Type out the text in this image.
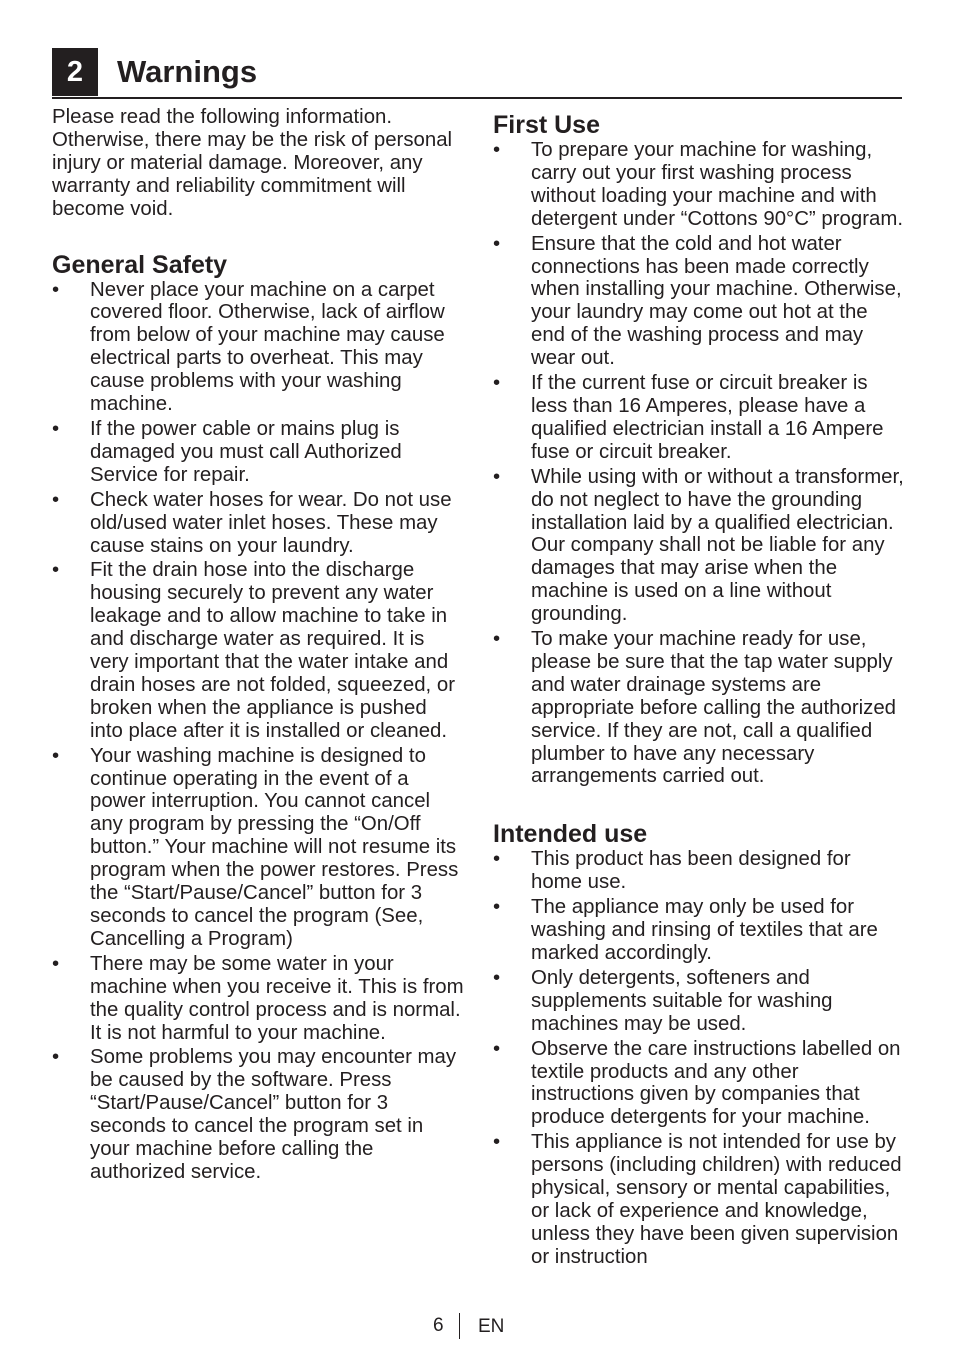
2	Warnings

Please read the following information. Otherwise, there may be the risk of personal injury or material damage. Moreover, any warranty and reliability commitment will become void.

General Safety
• Never place your machine on a carpet covered floor. Otherwise, lack of airflow from below of your machine may cause electrical parts to overheat. This may cause problems with your washing machine.
• If the power cable or mains plug is damaged you must call Authorized Service for repair.
• Check water hoses for wear. Do not use old/used water inlet hoses. These may cause stains on your laundry.
• Fit the drain hose into the discharge housing securely to prevent any water leakage and to allow machine to take in and discharge water as required. It is very important that the water intake and drain hoses are not folded, squeezed, or broken when the appliance is pushed into place after it is installed or cleaned.
• Your washing machine is designed to continue operating in the event of a power interruption. You cannot cancel any program by pressing the “On/Off button.” Your machine will not resume its program when the power restores. Press the “Start/Pause/Cancel” button for 3 seconds to cancel the program (See, Cancelling a Program)
• There may be some water in your machine when you receive it. This is from the quality control process and is normal. It is not harmful to your machine.
• Some problems you may encounter may be caused by the software. Press “Start/Pause/Cancel” button for 3 seconds to cancel the program set in your machine before calling the authorized service.
First Use
• To prepare your machine for washing, carry out your first washing process without loading your machine and with detergent under “Cottons 90°C” program.
• Ensure that the cold and hot water connections has been made correctly when installing your machine. Otherwise, your laundry may come out hot at the end of the washing process and may wear out.
• If the current fuse or circuit breaker is less than 16 Amperes, please have a qualified electrician install a 16 Ampere fuse or circuit breaker.
• While using with or without a transformer, do not neglect to have the grounding installation laid by a qualified electrician. Our company shall not be liable for any damages that may arise when the machine is used on a line without grounding.
• To make your machine ready for use, please be sure that the tap water supply and water drainage systems are appropriate before calling the authorized service. If they are not, call a qualified plumber to have any necessary arrangements carried out.
Intended use
• This product has been designed for home use.
• The appliance may only be used for washing and rinsing of textiles that are marked accordingly.
• Only detergents, softeners and supplements suitable for washing machines may be used.
• Observe the care instructions labelled on textile products and any other instructions given by companies that produce detergents for your machine.
• This appliance is not intended for use by persons (including children) with reduced physical, sensory or mental capabilities, or lack of experience and knowledge, unless they have been given supervision or instruction
6 EN
